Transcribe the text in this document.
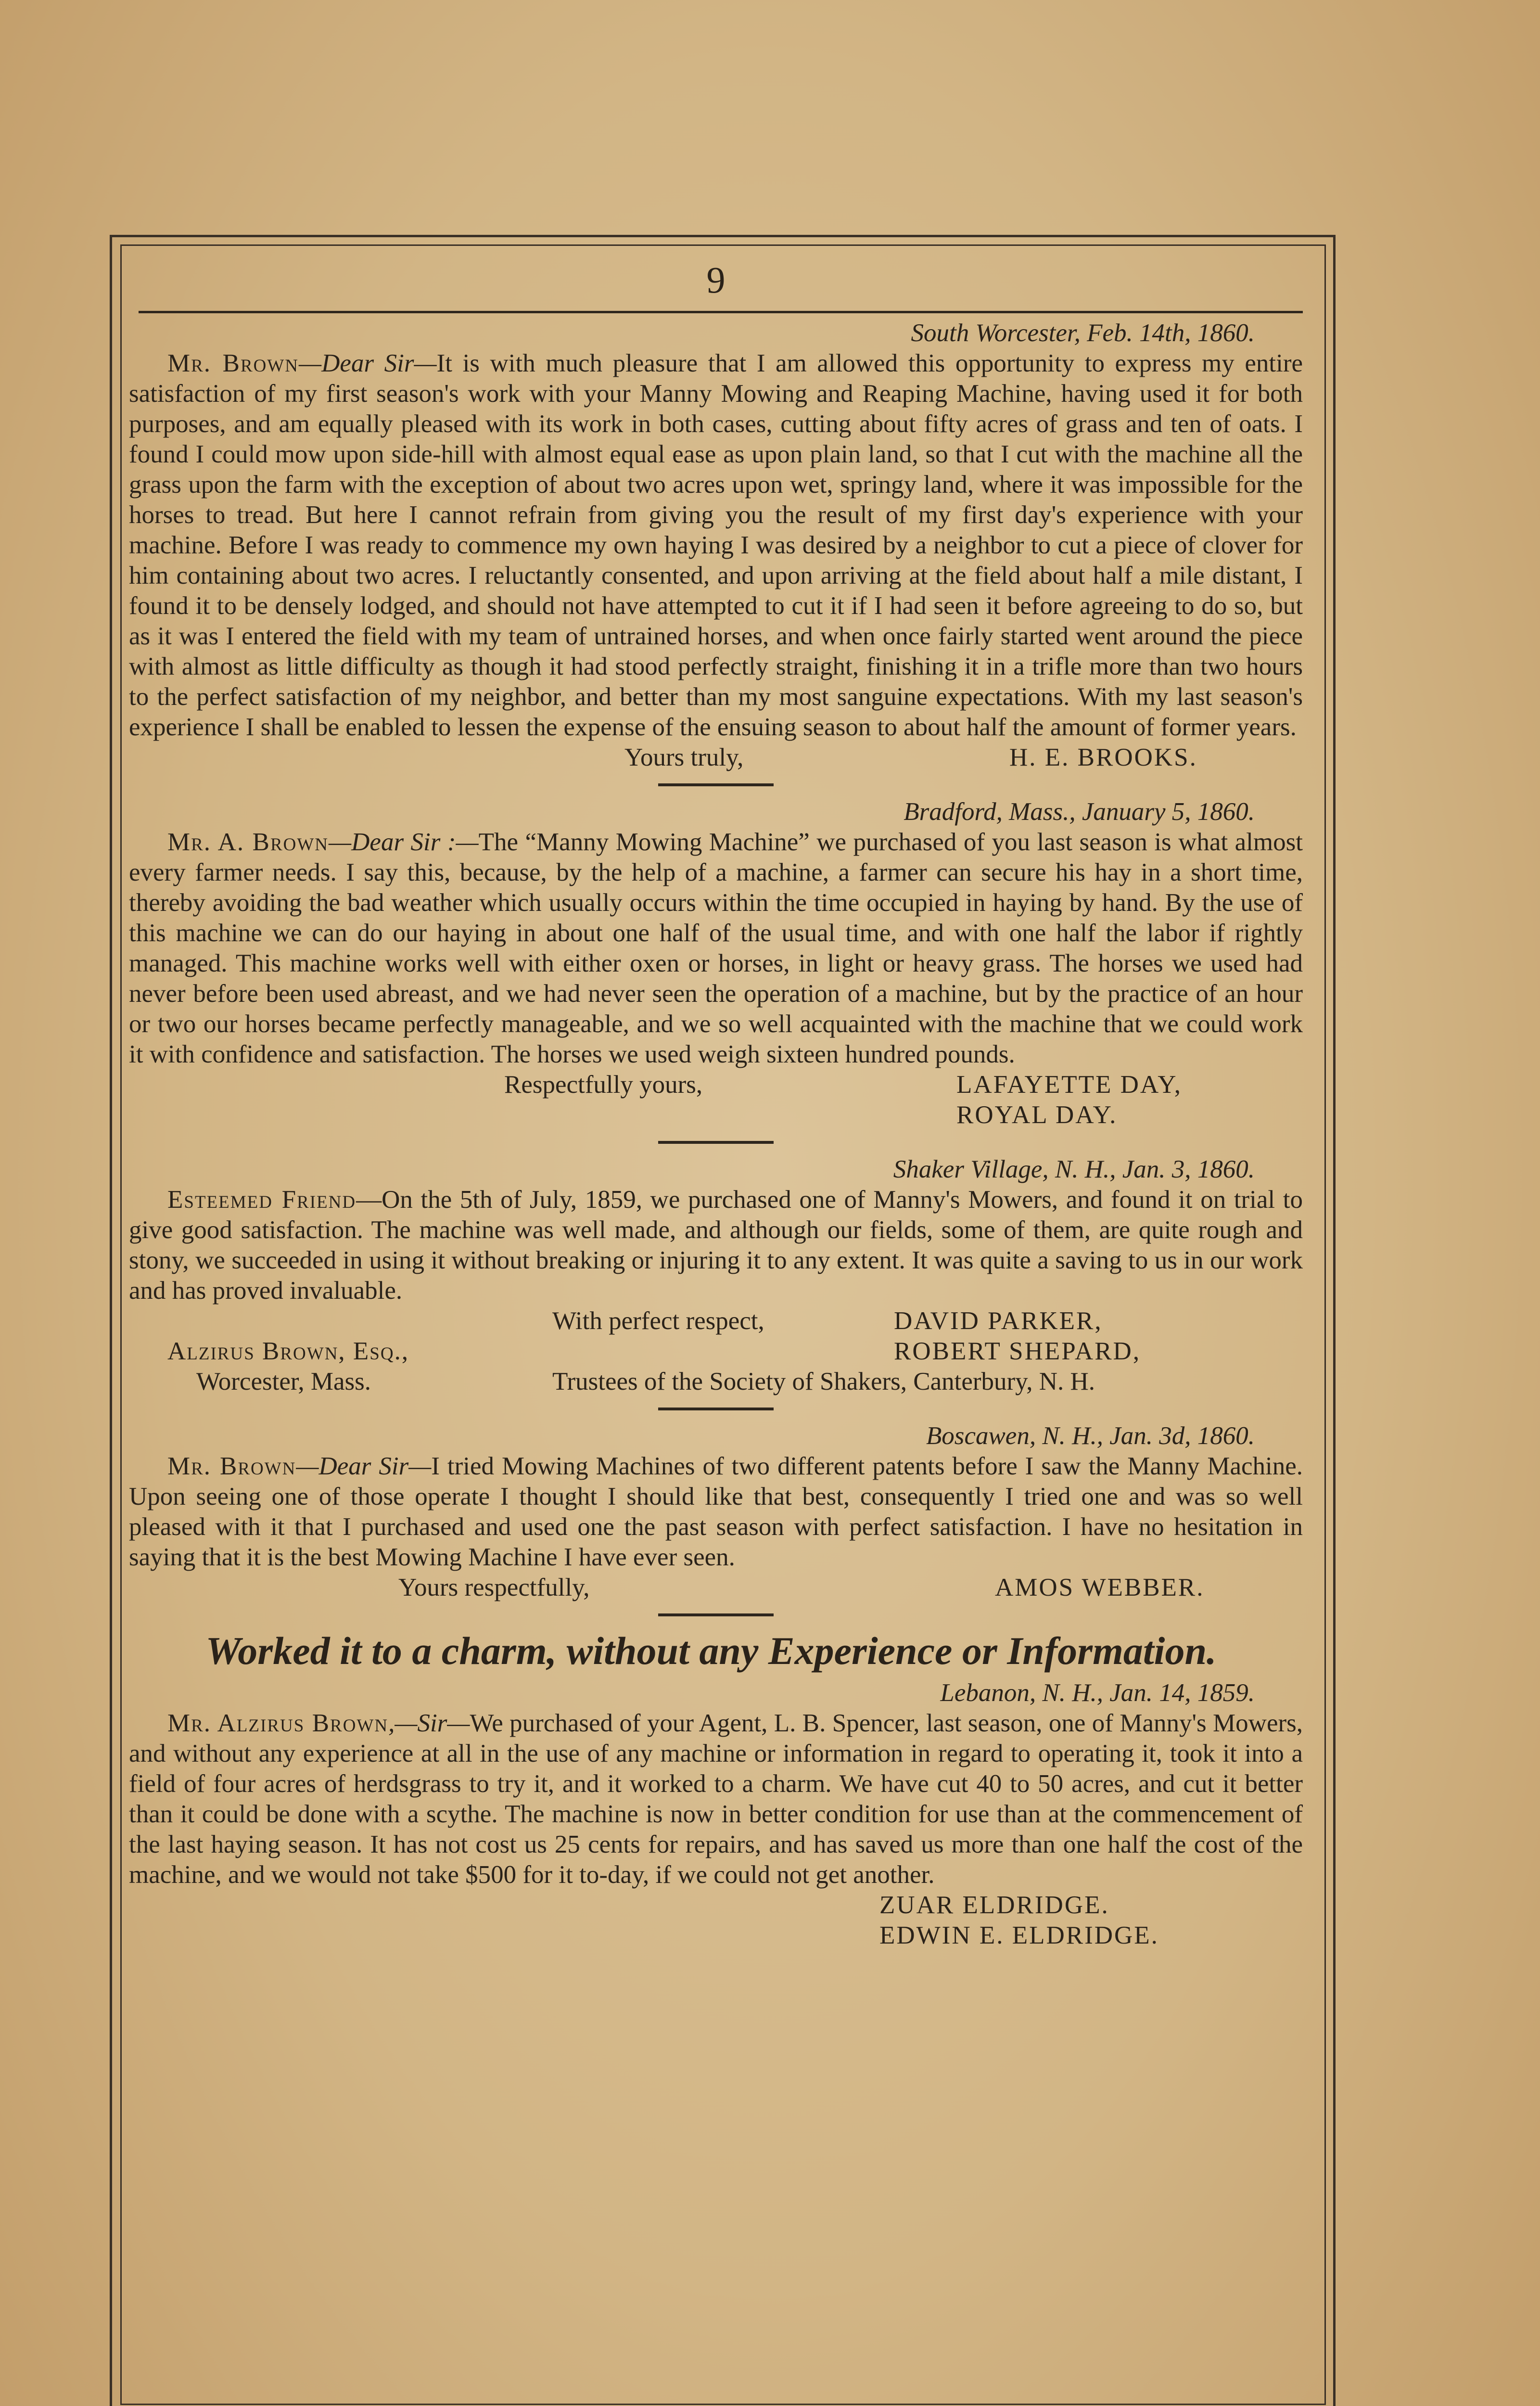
9
South Worcester, Feb. 14th, 1860.

Mr. Brown—Dear Sir—It is with much pleasure that I am allowed this opportunity to express my entire satisfaction of my first season's work with your Manny Mowing and Reaping Machine, having used it for both purposes, and am equally pleased with its work in both cases, cutting about fifty acres of grass and ten of oats. I found I could mow upon side-hill with almost equal ease as upon plain land, so that I cut with the machine all the grass upon the farm with the exception of about two acres upon wet, springy land, where it was impossible for the horses to tread. But here I cannot refrain from giving you the result of my first day's experience with your machine. Before I was ready to commence my own haying I was desired by a neighbor to cut a piece of clover for him containing about two acres. I reluctantly consented, and upon arriving at the field about half a mile distant, I found it to be densely lodged, and should not have attempted to cut it if I had seen it before agreeing to do so, but as it was I entered the field with my team of untrained horses, and when once fairly started went around the piece with almost as little difficulty as though it had stood perfectly straight, finishing it in a trifle more than two hours to the perfect satisfaction of my neighbor, and better than my most sanguine expectations. With my last season's experience I shall be enabled to lessen the expense of the ensuing season to about half the amount of former years.

Yours truly,	H. E. BROOKS.
Bradford, Mass., January 5, 1860.

Mr. A. Brown—Dear Sir :—The “Manny Mowing Machine” we purchased of you last season is what almost every farmer needs. I say this, because, by the help of a machine, a farmer can secure his hay in a short time, thereby avoiding the bad weather which usually occurs within the time occupied in haying by hand. By the use of this machine we can do our haying in about one half of the usual time, and with one half the labor if rightly managed. This machine works well with either oxen or horses, in light or heavy grass. The horses we used had never before been used abreast, and we had never seen the operation of a machine, but by the practice of an hour or two our horses became perfectly manageable, and we so well acquainted with the machine that we could work it with confidence and satisfaction. The horses we used weigh sixteen hundred pounds.

Respectfully yours,	LAFAYETTE DAY,
ROYAL DAY.
Shaker Village, N. H., Jan. 3, 1860.

Esteemed Friend—On the 5th of July, 1859, we purchased one of Manny's Mowers, and found it on trial to give good satisfaction. The machine was well made, and although our fields, some of them, are quite rough and stony, we succeeded in using it without breaking or injuring it to any extent. It was quite a saving to us in our work and has proved invaluable.

With perfect respect,	DAVID PARKER,
Alzirus Brown, Esq.,	ROBERT SHEPARD,
Worcester, Mass.	Trustees of the Society of Shakers, Canterbury, N. H.
Boscawen, N. H., Jan. 3d, 1860.

Mr. Brown—Dear Sir—I tried Mowing Machines of two different patents before I saw the Manny Machine. Upon seeing one of those operate I thought I should like that best, consequently I tried one and was so well pleased with it that I purchased and used one the past season with perfect satisfaction. I have no hesitation in saying that it is the best Mowing Machine I have ever seen.

Yours respectfully,	AMOS WEBBER.
Worked it to a charm, without any Experience or Information.
Lebanon, N. H., Jan. 14, 1859.

Mr. Alzirus Brown,—Sir—We purchased of your Agent, L. B. Spencer, last season, one of Manny's Mowers, and without any experience at all in the use of any machine or information in regard to operating it, took it into a field of four acres of herdsgrass to try it, and it worked to a charm. We have cut 40 to 50 acres, and cut it better than it could be done with a scythe. The machine is now in better condition for use than at the commencement of the last haying season. It has not cost us 25 cents for repairs, and has saved us more than one half the cost of the machine, and we would not take $500 for it to-day, if we could not get another.

ZUAR ELDRIDGE.
EDWIN E. ELDRIDGE.
